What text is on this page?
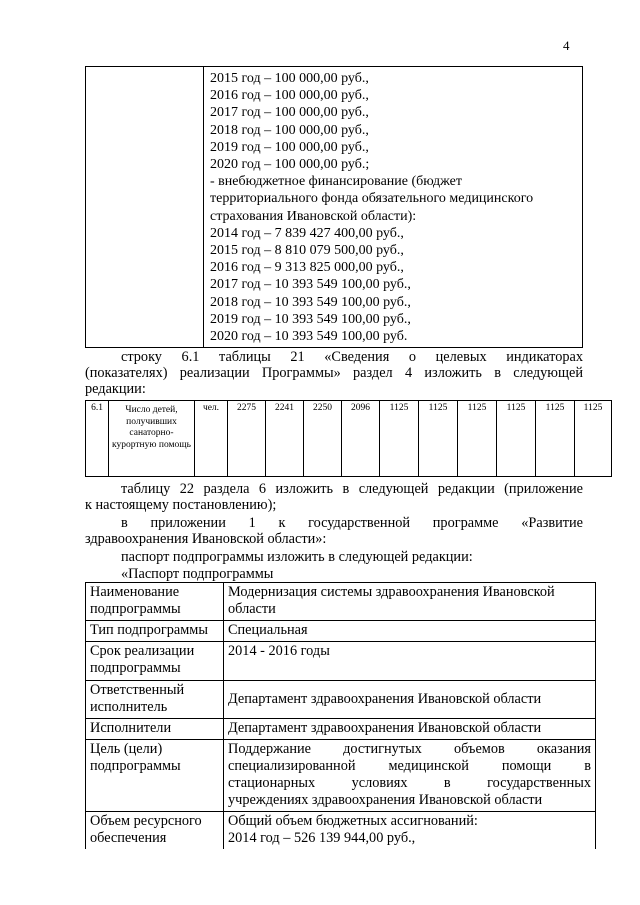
4
2015 год – 100 000,00 руб.,
2016 год – 100 000,00 руб.,
2017 год – 100 000,00 руб.,
2018 год – 100 000,00 руб.,
2019 год – 100 000,00 руб.,
2020 год – 100 000,00 руб.;
- внебюджетное финансирование (бюджет
территориального фонда обязательного медицинского
страхования Ивановской области):
2014 год – 7 839 427 400,00 руб.,
2015 год – 8 810 079 500,00 руб.,
2016 год – 9 313 825 000,00 руб.,
2017 год – 10 393 549 100,00 руб.,
2018 год – 10 393 549 100,00 руб.,
2019 год – 10 393 549 100,00 руб.,
2020 год – 10 393 549 100,00 руб.
строку 6.1 таблицы 21 «Сведения о целевых индикаторах
(показателях) реализации Программы» раздел 4 изложить в следующей
редакции:
6.1	Число детей, получивших санаторно-курортную помощь	чел.	2275	2241	2250	2096	1125	1125	1125	1125	1125	1125
таблицу 22 раздела 6 изложить в следующей редакции (приложение
к настоящему постановлению);
в приложении 1 к государственной программе «Развитие
здравоохранения Ивановской области»:
паспорт подпрограммы изложить в следующей редакции:
«Паспорт подпрограммы
Наименование подпрограммы	Модернизация системы здравоохранения Ивановской области
Тип подпрограммы	Специальная
Срок реализации подпрограммы	2014 - 2016 годы
Ответственный исполнитель	Департамент здравоохранения Ивановской области
Исполнители	Департамент здравоохранения Ивановской области
Цель (цели) подпрограммы	Поддержание достигнутых объемов оказания
специализированной медицинской помощи в
стационарных условиях в государственных
учреждениях здравоохранения Ивановской области

Объем ресурсного обеспечения	Общий объем бюджетных ассигнований:
2014 год – 526 139 944,00 руб.,
